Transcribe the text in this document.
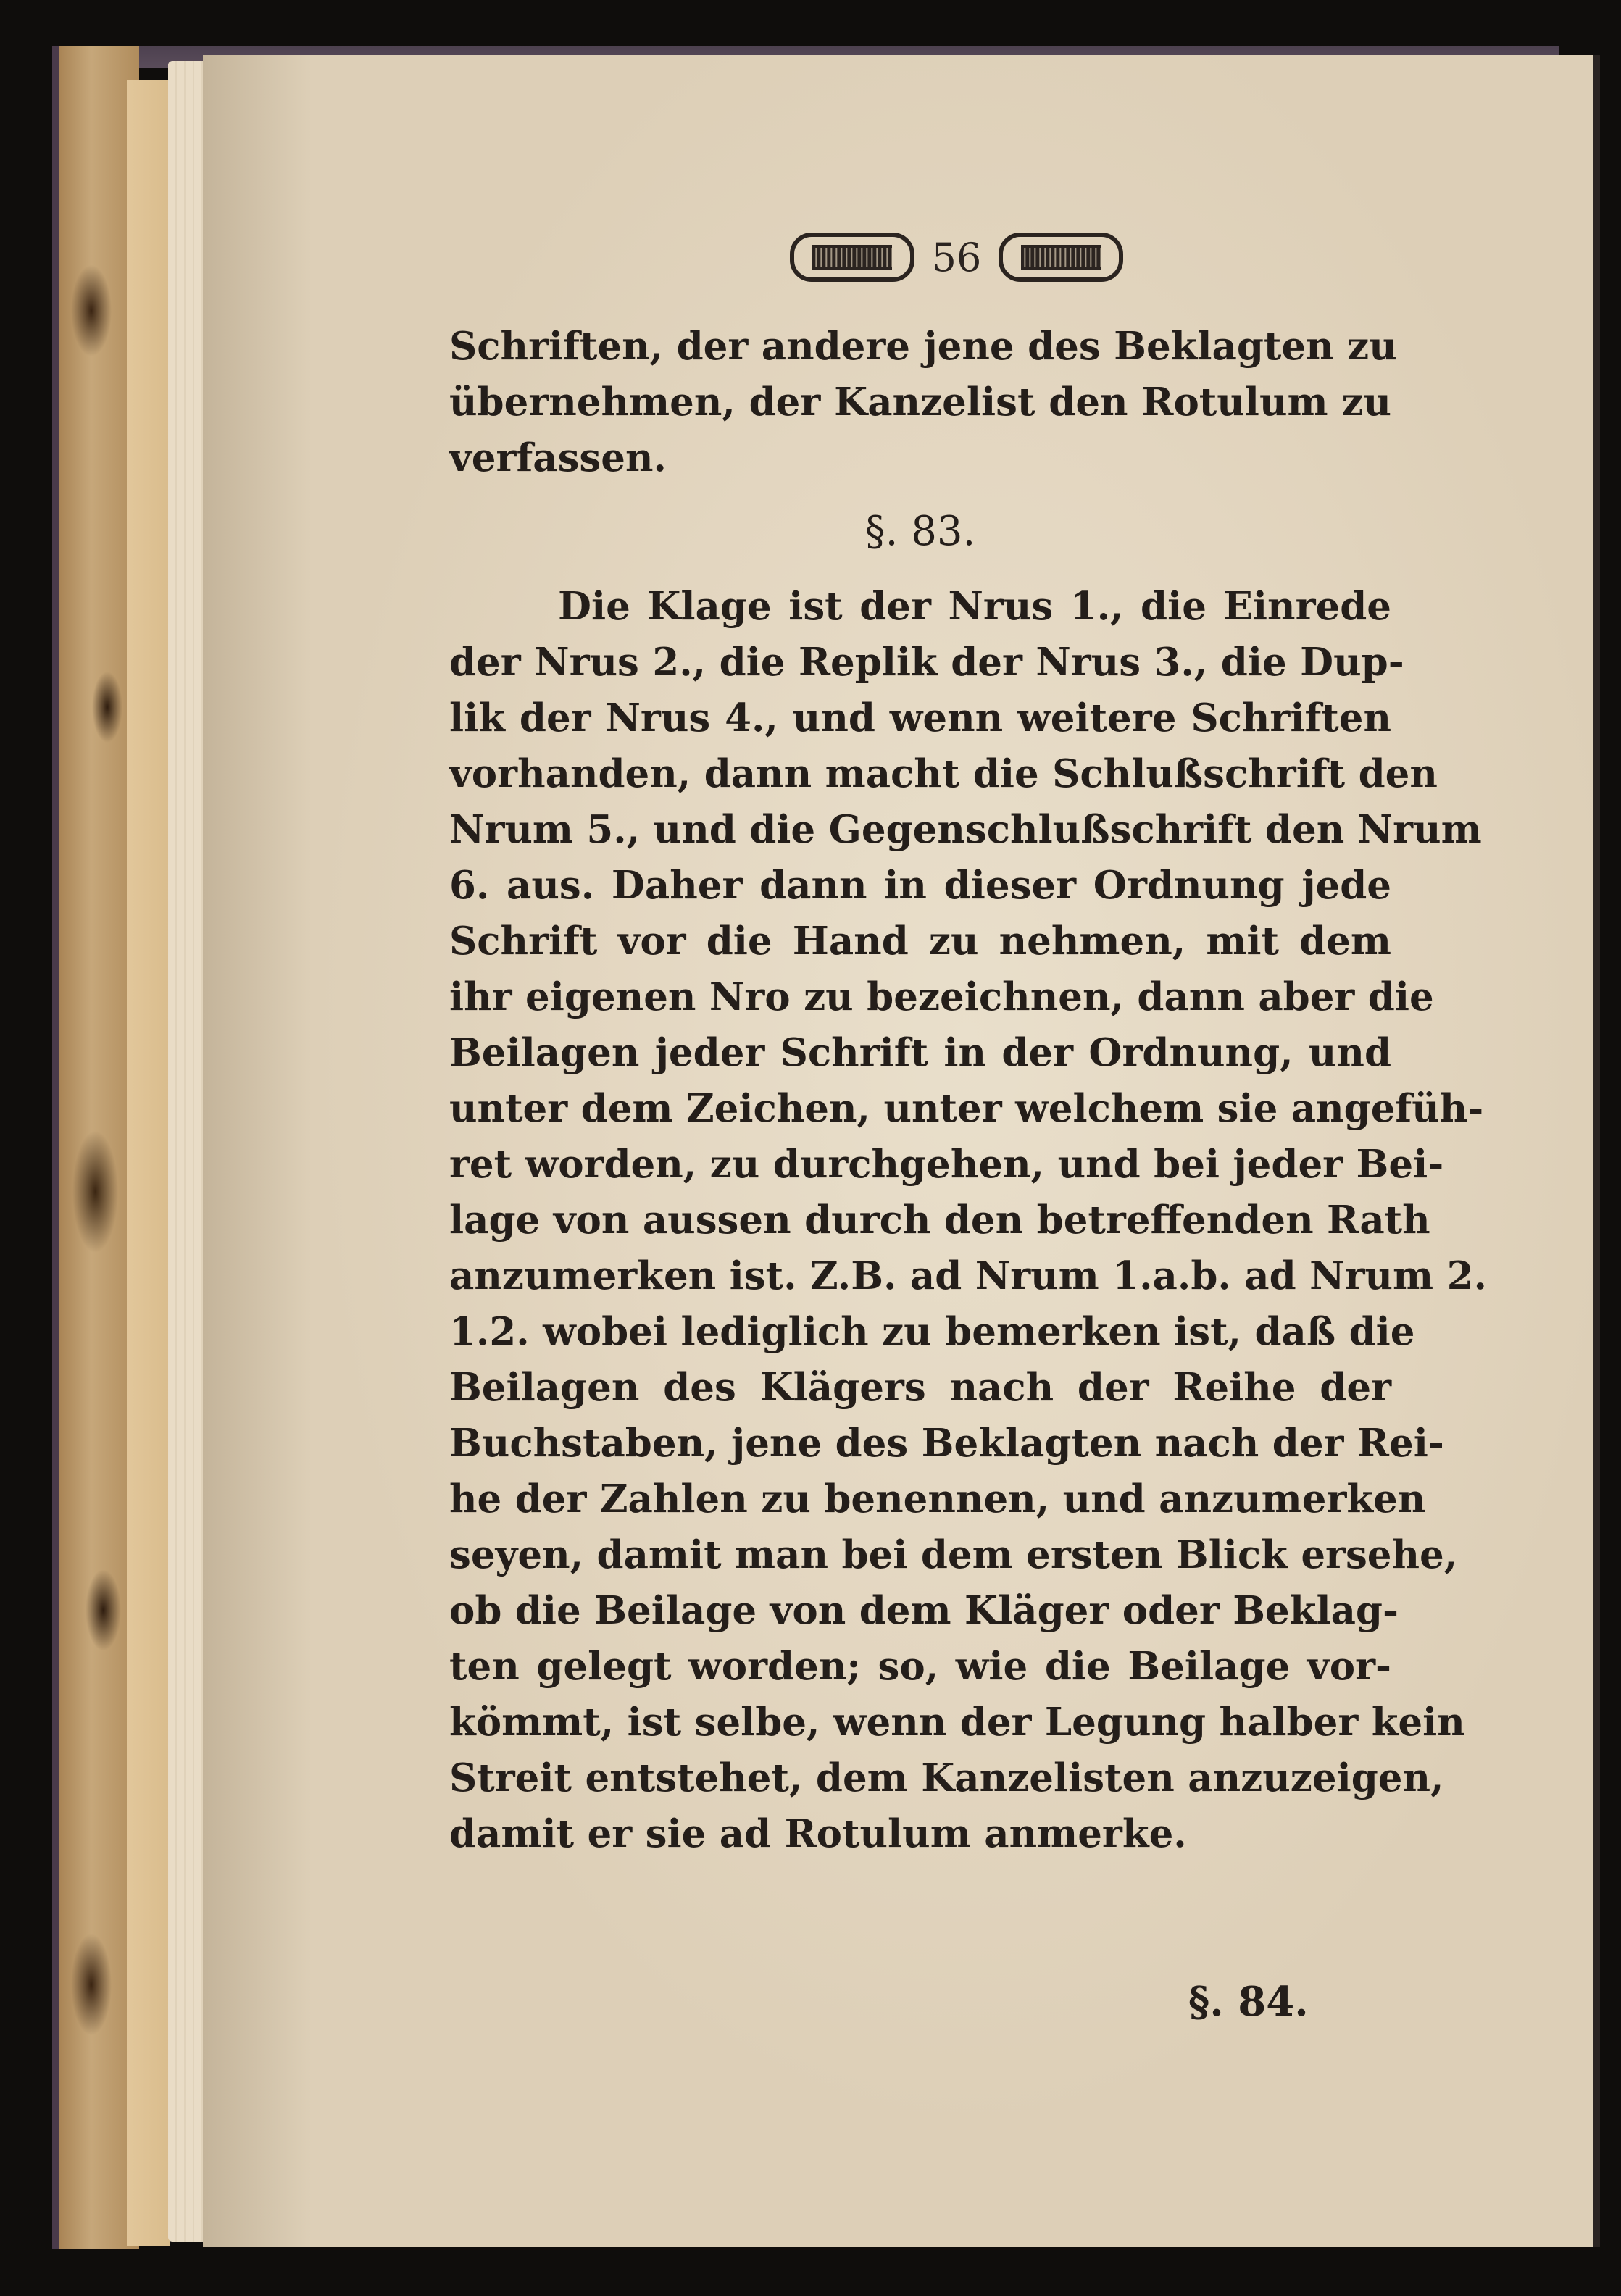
56
Schriften, der andere jene des Beklagten zu
übernehmen, der Kanzelist den Rotulum zu
verfassen.
§. 83.
Die Klage ist der Nrus 1., die Einrede
der Nrus 2., die Replik der Nrus 3., die Dup-
lik der Nrus 4., und wenn weitere Schriften
vorhanden, dann macht die Schlußschrift den
Nrum 5., und die Gegenschlußschrift den Nrum
6. aus. Daher dann in dieser Ordnung jede
Schrift vor die Hand zu nehmen, mit dem
ihr eigenen Nro zu bezeichnen, dann aber die
Beilagen jeder Schrift in der Ordnung, und
unter dem Zeichen, unter welchem sie angefüh-
ret worden, zu durchgehen, und bei jeder Bei-
lage von aussen durch den betreffenden Rath
anzumerken ist. Z.B. ad Nrum 1.a.b. ad Nrum 2.
1.2. wobei lediglich zu bemerken ist, daß die
Beilagen des Klägers nach der Reihe der
Buchstaben, jene des Beklagten nach der Rei-
he der Zahlen zu benennen, und anzumerken
seyen, damit man bei dem ersten Blick ersehe,
ob die Beilage von dem Kläger oder Beklag-
ten gelegt worden; so, wie die Beilage vor-
kömmt, ist selbe, wenn der Legung halber kein
Streit entstehet, dem Kanzelisten anzuzeigen,
damit er sie ad Rotulum anmerke.
§. 84.
